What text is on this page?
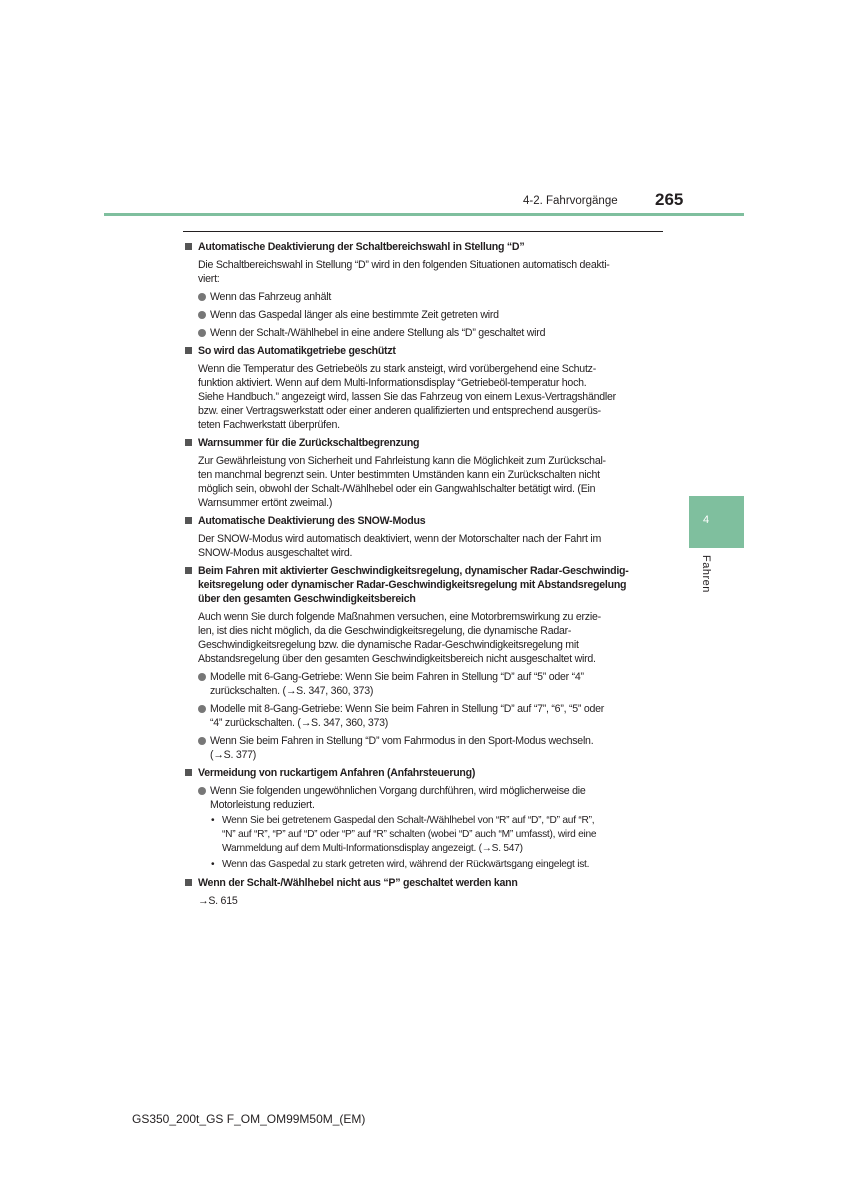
4-2. Fahrvorgänge 265
Automatische Deaktivierung der Schaltbereichswahl in Stellung “D”
Die Schaltbereichswahl in Stellung “D” wird in den folgenden Situationen automatisch deakti-
viert:
Wenn das Fahrzeug anhält
Wenn das Gaspedal länger als eine bestimmte Zeit getreten wird
Wenn der Schalt-/Wählhebel in eine andere Stellung als “D” geschaltet wird
So wird das Automatikgetriebe geschützt
Wenn die Temperatur des Getriebeöls zu stark ansteigt, wird vorübergehend eine Schutz-
funktion aktiviert. Wenn auf dem Multi-Informationsdisplay “Getriebeöl-temperatur hoch.
Siehe Handbuch.” angezeigt wird, lassen Sie das Fahrzeug von einem Lexus-Vertragshändler
bzw. einer Vertragswerkstatt oder einer anderen qualifizierten und entsprechend ausgerüs-
teten Fachwerkstatt überprüfen.
Warnsummer für die Zurückschaltbegrenzung
Zur Gewährleistung von Sicherheit und Fahrleistung kann die Möglichkeit zum Zurückschal-
ten manchmal begrenzt sein. Unter bestimmten Umständen kann ein Zurückschalten nicht
möglich sein, obwohl der Schalt-/Wählhebel oder ein Gangwahlschalter betätigt wird. (Ein
Warnsummer ertönt zweimal.)
Automatische Deaktivierung des SNOW-Modus
Der SNOW-Modus wird automatisch deaktiviert, wenn der Motorschalter nach der Fahrt im
SNOW-Modus ausgeschaltet wird.
Beim Fahren mit aktivierter Geschwindigkeitsregelung, dynamischer Radar-Geschwindig-
keitsregelung oder dynamischer Radar-Geschwindigkeitsregelung mit Abstandsregelung
über den gesamten Geschwindigkeitsbereich
Auch wenn Sie durch folgende Maßnahmen versuchen, eine Motorbremswirkung zu erzie-
len, ist dies nicht möglich, da die Geschwindigkeitsregelung, die dynamische Radar-
Geschwindigkeitsregelung bzw. die dynamische Radar-Geschwindigkeitsregelung mit
Abstandsregelung über den gesamten Geschwindigkeitsbereich nicht ausgeschaltet wird.
Modelle mit 6-Gang-Getriebe: Wenn Sie beim Fahren in Stellung “D” auf “5” oder “4”
zurückschalten. (→S. 347, 360, 373)
Modelle mit 8-Gang-Getriebe: Wenn Sie beim Fahren in Stellung “D” auf “7”, “6”, “5” oder
“4” zurückschalten. (→S. 347, 360, 373)
Wenn Sie beim Fahren in Stellung “D” vom Fahrmodus in den Sport-Modus wechseln.
(→S. 377)
Vermeidung von ruckartigem Anfahren (Anfahrsteuerung)
Wenn Sie folgenden ungewöhnlichen Vorgang durchführen, wird möglicherweise die
Motorleistung reduziert.
• Wenn Sie bei getretenem Gaspedal den Schalt-/Wählhebel von “R” auf “D”, “D” auf “R”,
“N” auf “R”, “P” auf “D” oder “P” auf “R” schalten (wobei “D” auch “M” umfasst), wird eine
Warnmeldung auf dem Multi-Informationsdisplay angezeigt. (→S. 547)
• Wenn das Gaspedal zu stark getreten wird, während der Rückwärtsgang eingelegt ist.
Wenn der Schalt-/Wählhebel nicht aus “P” geschaltet werden kann
→S. 615
4
Fahren
GS350_200t_GS F_OM_OM99M50M_(EM)
